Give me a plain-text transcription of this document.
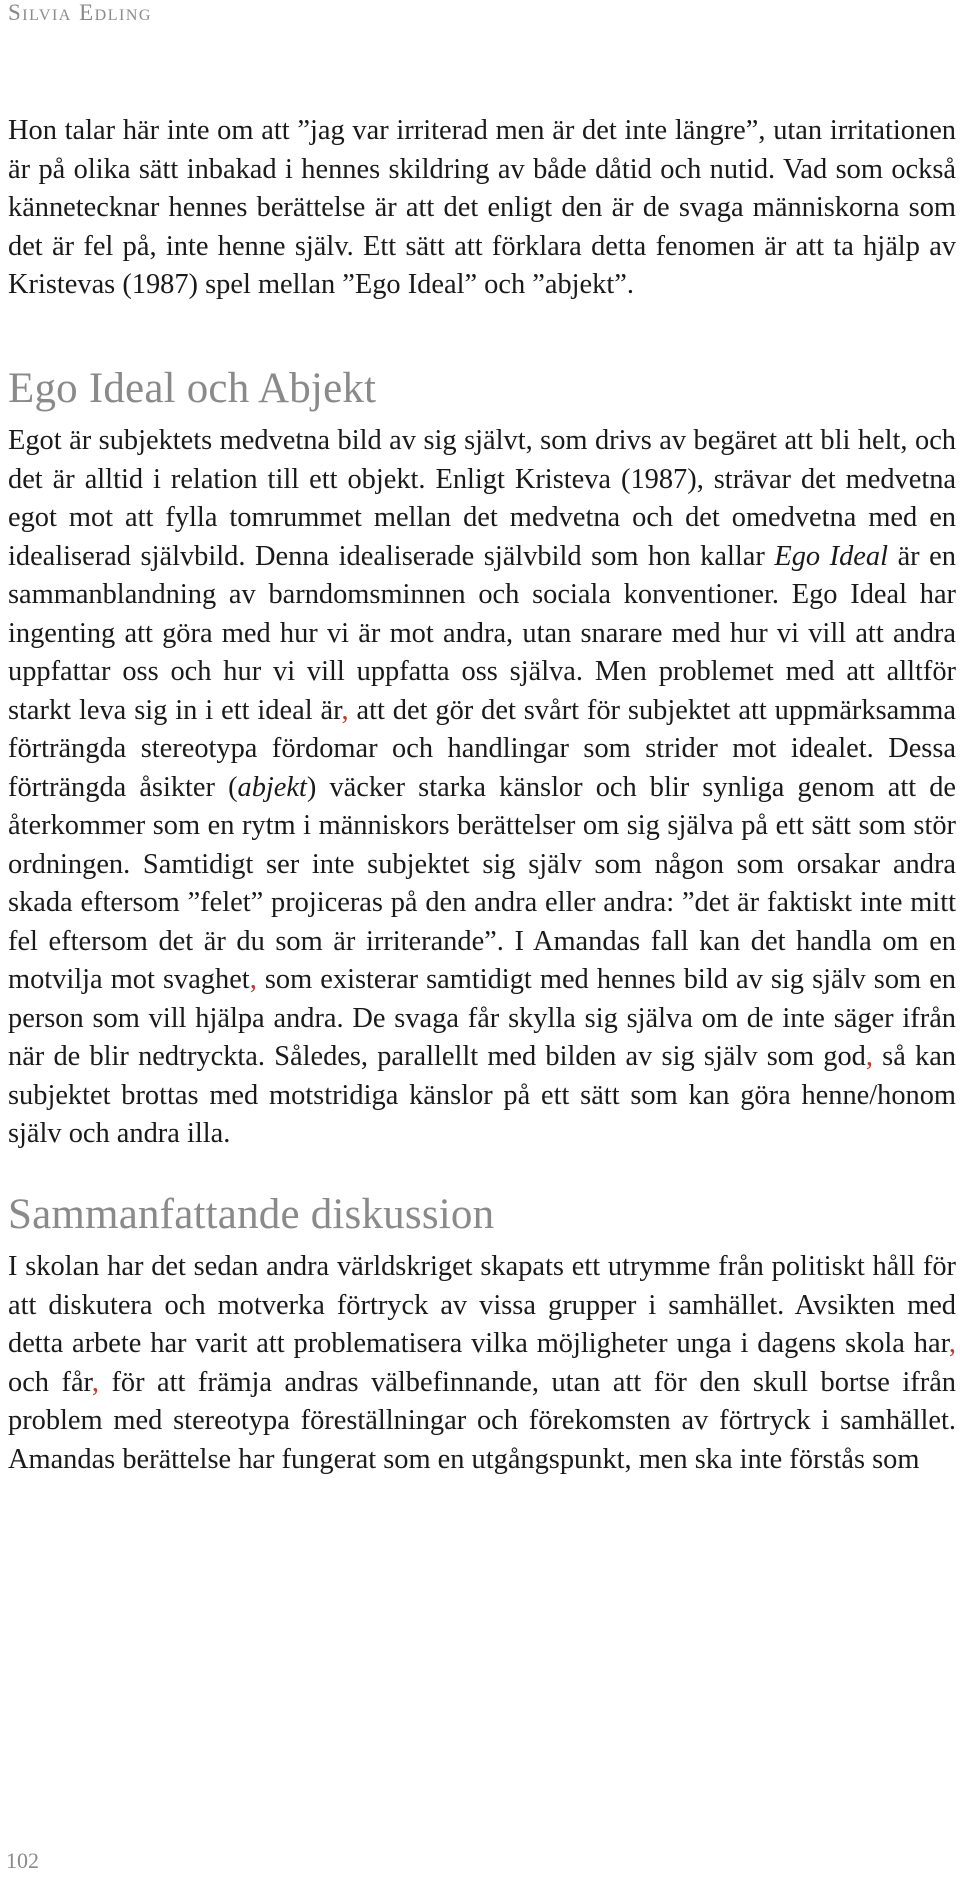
Silvia Edling

Hon talar här inte om att ”jag var irriterad men är det inte längre”, utan irritationen är på olika sätt inbakad i hennes skildring av både dåtid och nutid. Vad som också kännetecknar hennes berättelse är att det enligt den är de svaga människorna som det är fel på, inte henne själv. Ett sätt att förklara detta fenomen är att ta hjälp av Kristevas (1987) spel mellan ”Ego Ideal” och ”abjekt”.

Ego Ideal och Abjekt

Egot är subjektets medvetna bild av sig självt, som drivs av begäret att bli helt, och det är alltid i relation till ett objekt. Enligt Kristeva (1987), strävar det medvetna egot mot att fylla tomrummet mellan det medvetna och det omedvetna med en idealiserad självbild. Denna idealiserade självbild som hon kallar Ego Ideal är en sammanblandning av barndomsminnen och sociala konventioner. Ego Ideal har ingenting att göra med hur vi är mot andra, utan snarare med hur vi vill att andra uppfattar oss och hur vi vill uppfatta oss själva. Men problemet med att alltför starkt leva sig in i ett ideal är, att det gör det svårt för subjektet att uppmärksamma förträngda stereotypa fördomar och handlingar som strider mot idealet. Dessa förträngda åsikter (abjekt) väcker starka känslor och blir synliga genom att de återkommer som en rytm i människors berättelser om sig själva på ett sätt som stör ordningen. Samtidigt ser inte subjektet sig själv som någon som orsakar andra skada eftersom ”felet” projiceras på den andra eller andra: ”det är faktiskt inte mitt fel eftersom det är du som är irriterande”. I Amandas fall kan det handla om en motvilja mot svaghet, som existerar samtidigt med hennes bild av sig själv som en person som vill hjälpa andra. De svaga får skylla sig själva om de inte säger ifrån när de blir nedtryckta. Således, parallellt med bilden av sig själv som god, så kan subjektet brottas med motstridiga känslor på ett sätt som kan göra henne/honom själv och andra illa.

Sammanfattande diskussion

I skolan har det sedan andra världskriget skapats ett utrymme från politiskt håll för att diskutera och motverka förtryck av vissa grupper i samhället. Avsikten med detta arbete har varit att problematisera vilka möjligheter unga i dagens skola har, och får, för att främja andras välbefinnande, utan att för den skull bortse ifrån problem med stereotypa föreställningar och förekomsten av förtryck i samhället. Amandas berättelse har fungerat som en utgångspunkt, men ska inte förstås som

102
